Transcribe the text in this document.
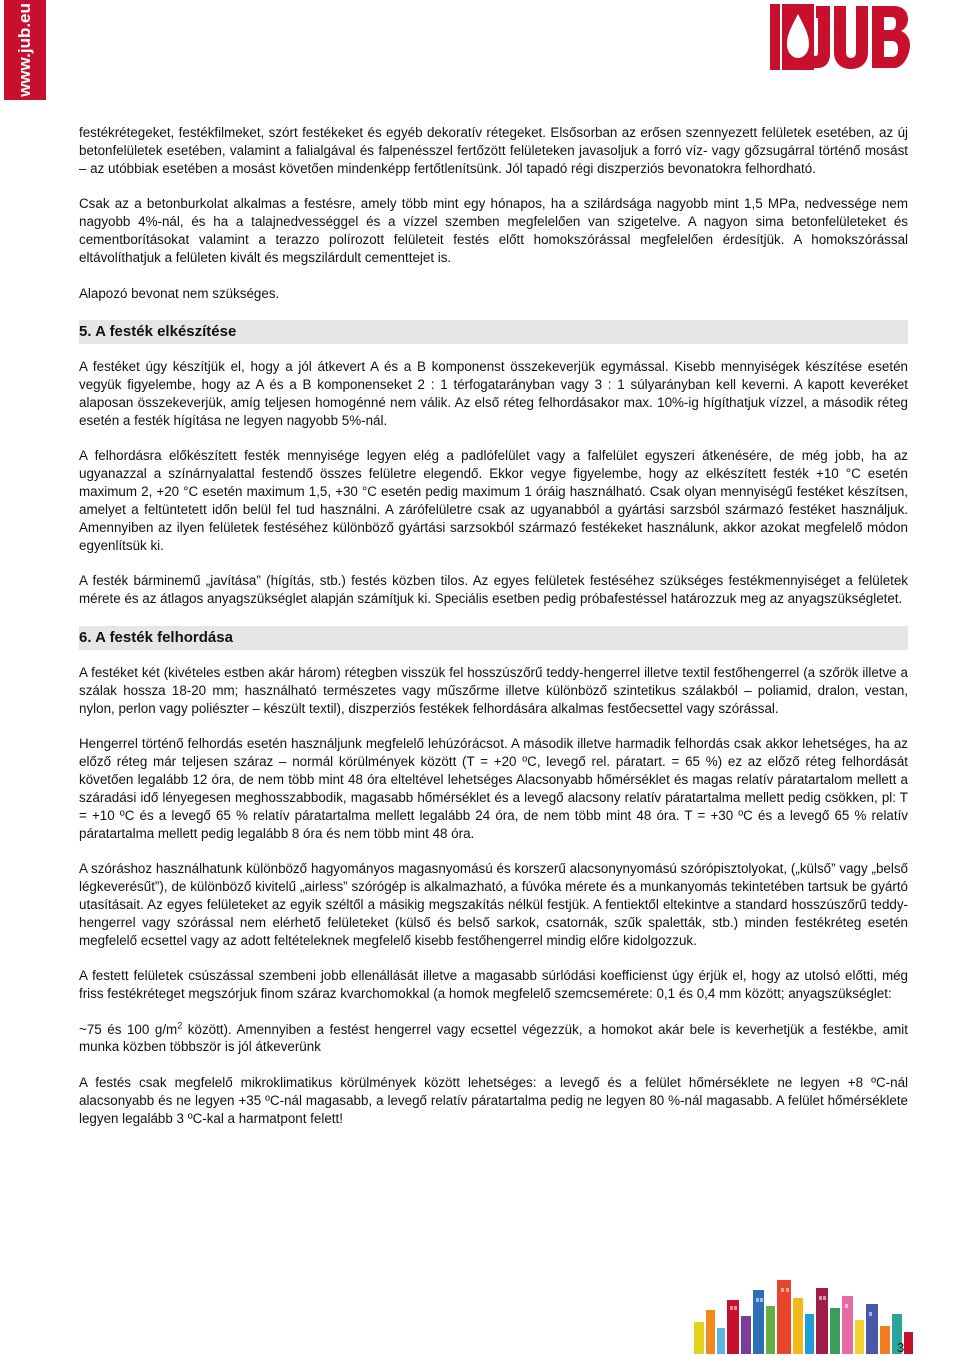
www.jub.eu

festékrétegeket, festékfilmeket, szórt festékeket és egyéb dekoratív rétegeket. Elsősorban az erősen szennyezett felületek esetében, az új betonfelületek esetében, valamint a falialgával és falpenésszel fertőzött felületeken javasoljuk a forró víz- vagy gőzsugárral történő mosást – az utóbbiak esetében a mosást követően mindenképp fertőtlenítsünk. Jól tapadó régi diszperziós bevonatokra felhordható.

Csak az a betonburkolat alkalmas a festésre, amely több mint egy hónapos, ha a szilárdsága nagyobb mint 1,5 MPa, nedvessége nem nagyobb 4%-nál, és ha a talajnedvességgel és a vízzel szemben megfelelően van szigetelve. A nagyon sima betonfelületeket és cementborításokat valamint a terazzo polírozott felületeit festés előtt homokszórással megfelelően érdesítjük. A homokszórással eltávolíthatjuk a felületen kivált és megszilárdult cementtejet is.

Alapozó bevonat nem szükséges.

5. A festék elkészítése

A festéket úgy készítjük el, hogy a jól átkevert A és a B komponenst összekeverjük egymással. Kisebb mennyiségek készítése esetén vegyük figyelembe, hogy az A és a B komponenseket 2 : 1 térfogatarányban vagy 3 : 1 súlyarányban kell keverni. A kapott keveréket alaposan összekeverjük, amíg teljesen homogénné nem válik. Az első réteg felhordásakor max. 10%-ig hígíthatjuk vízzel, a második réteg esetén a festék hígítása ne legyen nagyobb 5%-nál.

A felhordásra előkészített festék mennyisége legyen elég a padlófelület vagy a falfelület egyszeri átkenésére, de még jobb, ha az ugyanazzal a színárnyalattal festendő összes felületre elegendő. Ekkor vegye figyelembe, hogy az elkészített festék +10 °C esetén maximum 2, +20 °C esetén maximum 1,5, +30 °C esetén pedig maximum 1 óráig használható. Csak olyan mennyiségű festéket készítsen, amelyet a feltüntetett időn belül fel tud használni. A zárófelületre csak az ugyanabból a gyártási sarzsból származó festéket használjuk. Amennyiben az ilyen felületek festéséhez különböző gyártási sarzsokból származó festékeket használunk, akkor azokat megfelelő módon egyenlítsük ki.

A festék bárminemű „javítása” (hígítás, stb.) festés közben tilos. Az egyes felületek festéséhez szükséges festékmennyiséget a felületek mérete és az átlagos anyagszükséglet alapján számítjuk ki. Speciális esetben pedig próbafestéssel határozzuk meg az anyagszükségletet.

6. A festék felhordása

A festéket két (kivételes estben akár három) rétegben visszük fel hosszúszőrű teddy-hengerrel illetve textil festőhengerrel (a szőrök illetve a szálak hossza 18-20 mm; használható természetes vagy műszőrme illetve különböző szintetikus szálakból – poliamid, dralon, vestan, nylon, perlon vagy poliészter – készült textil), diszperziós festékek felhordására alkalmas festőecsettel vagy szórással.

Hengerrel történő felhordás esetén használjunk megfelelő lehúzórácsot. A második illetve harmadik felhordás csak akkor lehetséges, ha az előző réteg már teljesen száraz – normál körülmények között (T = +20 ºC, levegő rel. páratart. = 65 %) ez az előző réteg felhordását követően legalább 12 óra, de nem több mint 48 óra elteltével lehetséges Alacsonyabb hőmérséklet és magas relatív páratartalom mellett a száradási idő lényegesen meghosszabbodik, magasabb hőmérséklet és a levegő alacsony relatív páratartalma mellett pedig csökken, pl: T = +10 ºC és a levegő 65 % relatív páratartalma mellett legalább 24 óra, de nem több mint 48 óra. T = +30 ºC és a levegő 65 % relatív páratartalma mellett pedig legalább 8 óra és nem több mint 48 óra.

A szóráshoz használhatunk különböző hagyományos magasnyomású és korszerű alacsonynyomású szórópisztolyokat, („külső” vagy „belső légkeverésűt”), de különböző kivitelű „airless” szórógép is alkalmazható, a fúvóka mérete és a munkanyomás tekintetében tartsuk be gyártó utasításait. Az egyes felületeket az egyik széltől a másikig megszakítás nélkül festjük. A fentiektől eltekintve a standard hosszúszőrű teddy-hengerrel vagy szórással nem elérhető felületeket (külső és belső sarkok, csatornák, szűk spaletták, stb.) minden festékréteg esetén megfelelő ecsettel vagy az adott feltételeknek megfelelő kisebb festőhengerrel mindig előre kidolgozzuk.

A festett felületek csúszással szembeni jobb ellenállását illetve a magasabb súrlódási koefficienst úgy érjük el, hogy az utolsó előtti, még friss festékréteget megszórjuk finom száraz kvarchomokkal (a homok megfelelő szemcsemérete: 0,1 és 0,4 mm között; anyagszükséglet:

~75 és 100 $g/m^2$ között). Amennyiben a festést hengerrel vagy ecsettel végezzük, a homokot akár bele is keverhetjük a festékbe, amit munka közben többször is jól átkeverünk

A festés csak megfelelő mikroklimatikus körülmények között lehetséges: a levegő és a felület hőmérséklete ne legyen +8 ºC-nál alacsonyabb és ne legyen +35 ºC-nál magasabb, a levegő relatív páratartalma pedig ne legyen 80 %-nál magasabb. A felület hőmérséklete legyen legalább 3 ºC-kal a harmatpont felett!

3
